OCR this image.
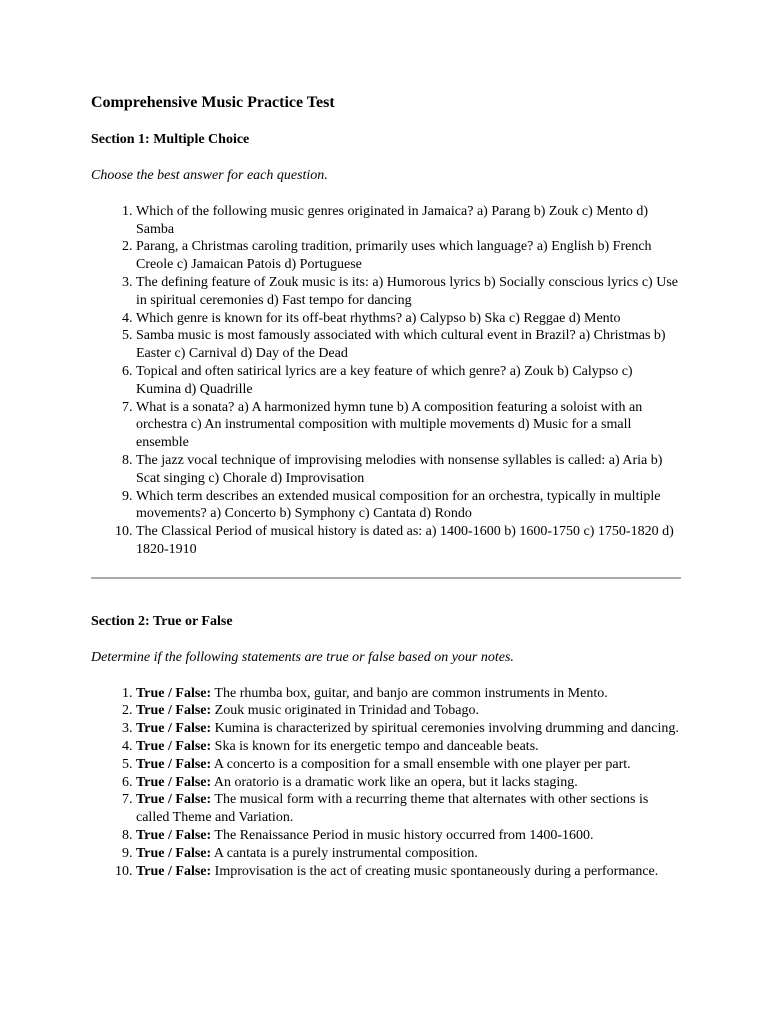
Comprehensive Music Practice Test
Section 1: Multiple Choice

Choose the best answer for each question.

1. Which of the following music genres originated in Jamaica? a) Parang b) Zouk c) Mento d) Samba
2. Parang, a Christmas caroling tradition, primarily uses which language? a) English b) French Creole c) Jamaican Patois d) Portuguese
3. The defining feature of Zouk music is its: a) Humorous lyrics b) Socially conscious lyrics c) Use in spiritual ceremonies d) Fast tempo for dancing
4. Which genre is known for its off-beat rhythms? a) Calypso b) Ska c) Reggae d) Mento
5. Samba music is most famously associated with which cultural event in Brazil? a) Christmas b) Easter c) Carnival d) Day of the Dead
6. Topical and often satirical lyrics are a key feature of which genre? a) Zouk b) Calypso c) Kumina d) Quadrille
7. What is a sonata? a) A harmonized hymn tune b) A composition featuring a soloist with an orchestra c) An instrumental composition with multiple movements d) Music for a small ensemble
8. The jazz vocal technique of improvising melodies with nonsense syllables is called: a) Aria b) Scat singing c) Chorale d) Improvisation
9. Which term describes an extended musical composition for an orchestra, typically in multiple movements? a) Concerto b) Symphony c) Cantata d) Rondo
10. The Classical Period of musical history is dated as: a) 1400-1600 b) 1600-1750 c) 1750-1820 d) 1820-1910
Section 2: True or False

Determine if the following statements are true or false based on your notes.

1. True / False: The rhumba box, guitar, and banjo are common instruments in Mento.
2. True / False: Zouk music originated in Trinidad and Tobago.
3. True / False: Kumina is characterized by spiritual ceremonies involving drumming and dancing.
4. True / False: Ska is known for its energetic tempo and danceable beats.
5. True / False: A concerto is a composition for a small ensemble with one player per part.
6. True / False: An oratorio is a dramatic work like an opera, but it lacks staging.
7. True / False: The musical form with a recurring theme that alternates with other sections is called Theme and Variation.
8. True / False: The Renaissance Period in music history occurred from 1400-1600.
9. True / False: A cantata is a purely instrumental composition.
10. True / False: Improvisation is the act of creating music spontaneously during a performance.
